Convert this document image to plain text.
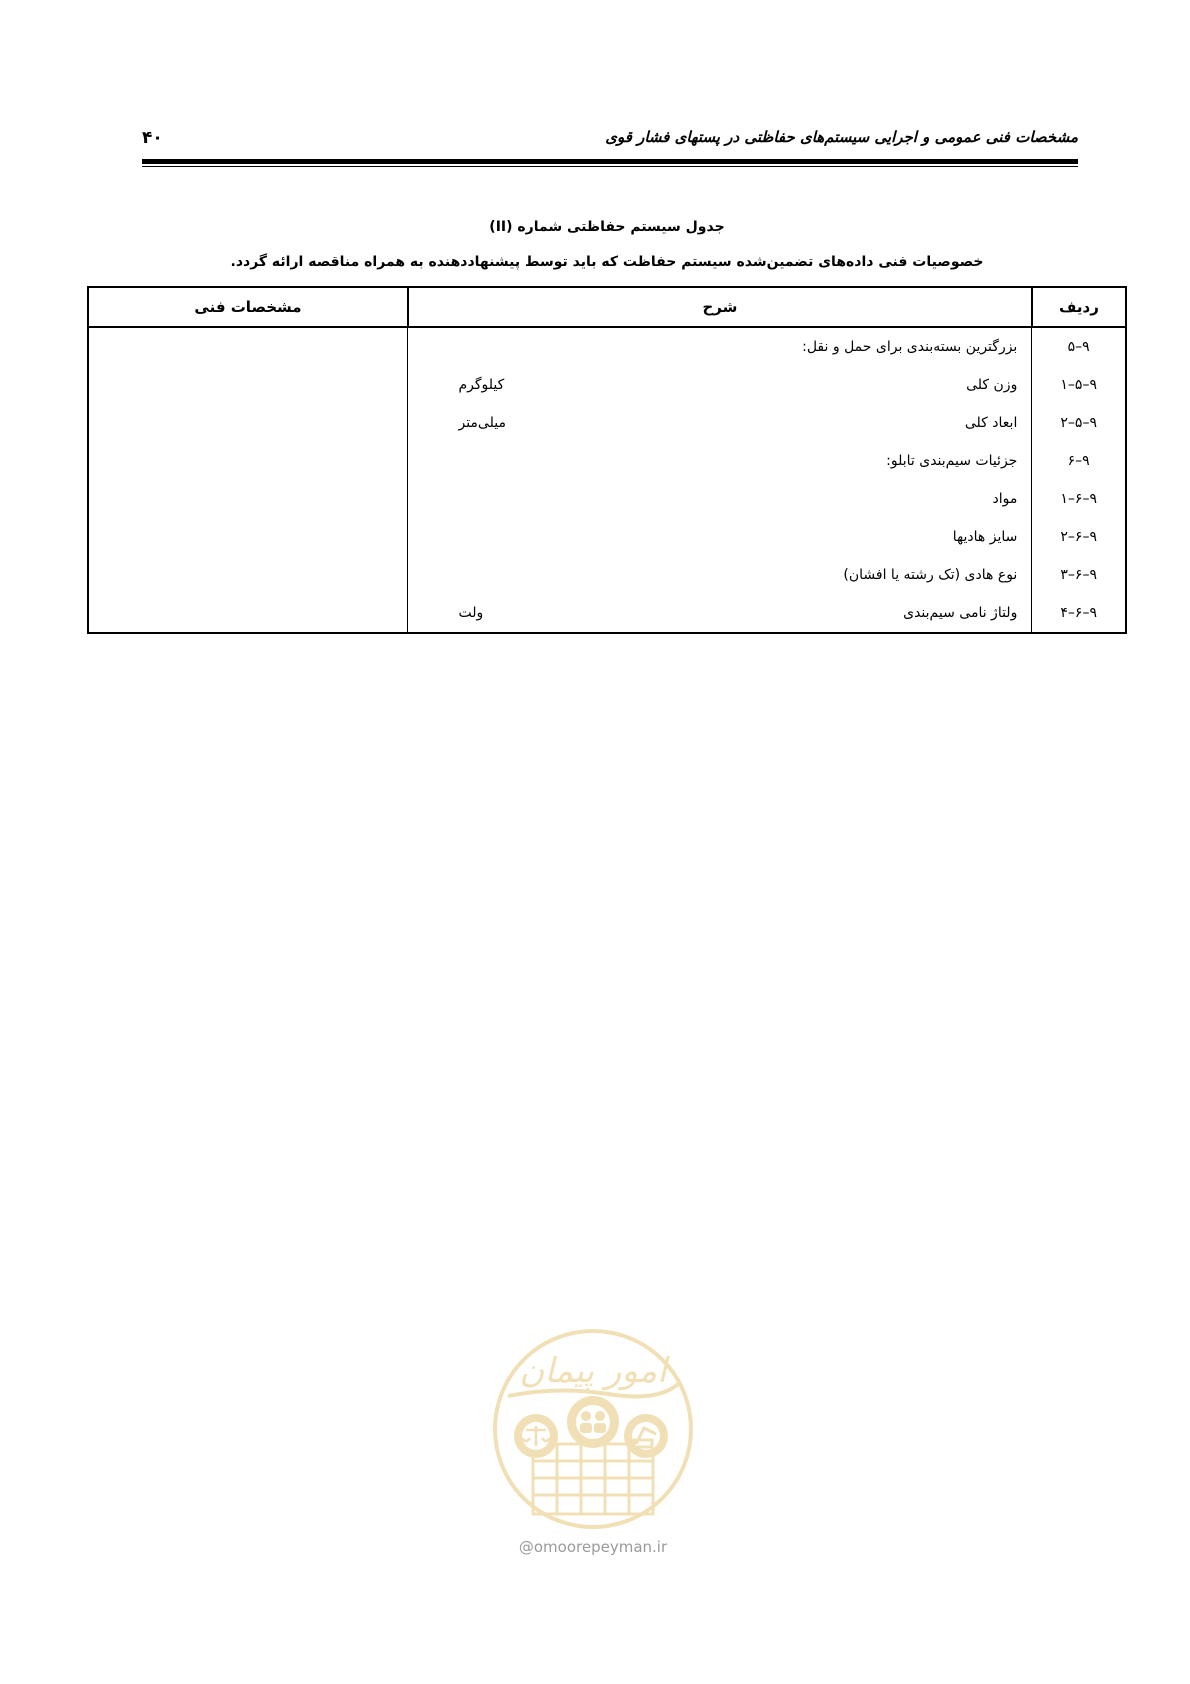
۴۰	مشخصات فنی عمومی و اجرایی سیستم‌های حفاظتی در پستهای فشار قوی
جدول سیستم حفاظتی شماره (II)
خصوصیات فنی داده‌های تضمین‌شده سیستم حفاظت که باید توسط پیشنهاددهنده به همراه مناقصه ارائه گردد.
ردیف	شرح	مشخصات فنی
۹–۵	بزرگترین بسته‌بندی برای حمل و نقل:

۹–۵–۱	وزن کلی
کیلوگرم	

۹–۵–۲	ابعاد کلی
میلی‌متر	

۹–۶	جزئیات سیم‌بندی تابلو:

۹–۶–۱	مواد

۹–۶–۲	سایز هادیها

۹–۶–۳	نوع هادی (تک رشته یا افشان)

۹–۶–۴	ولتاژ نامی سیم‌بندی
ولت	

امور پیمان
@omoorepeyman.ir
